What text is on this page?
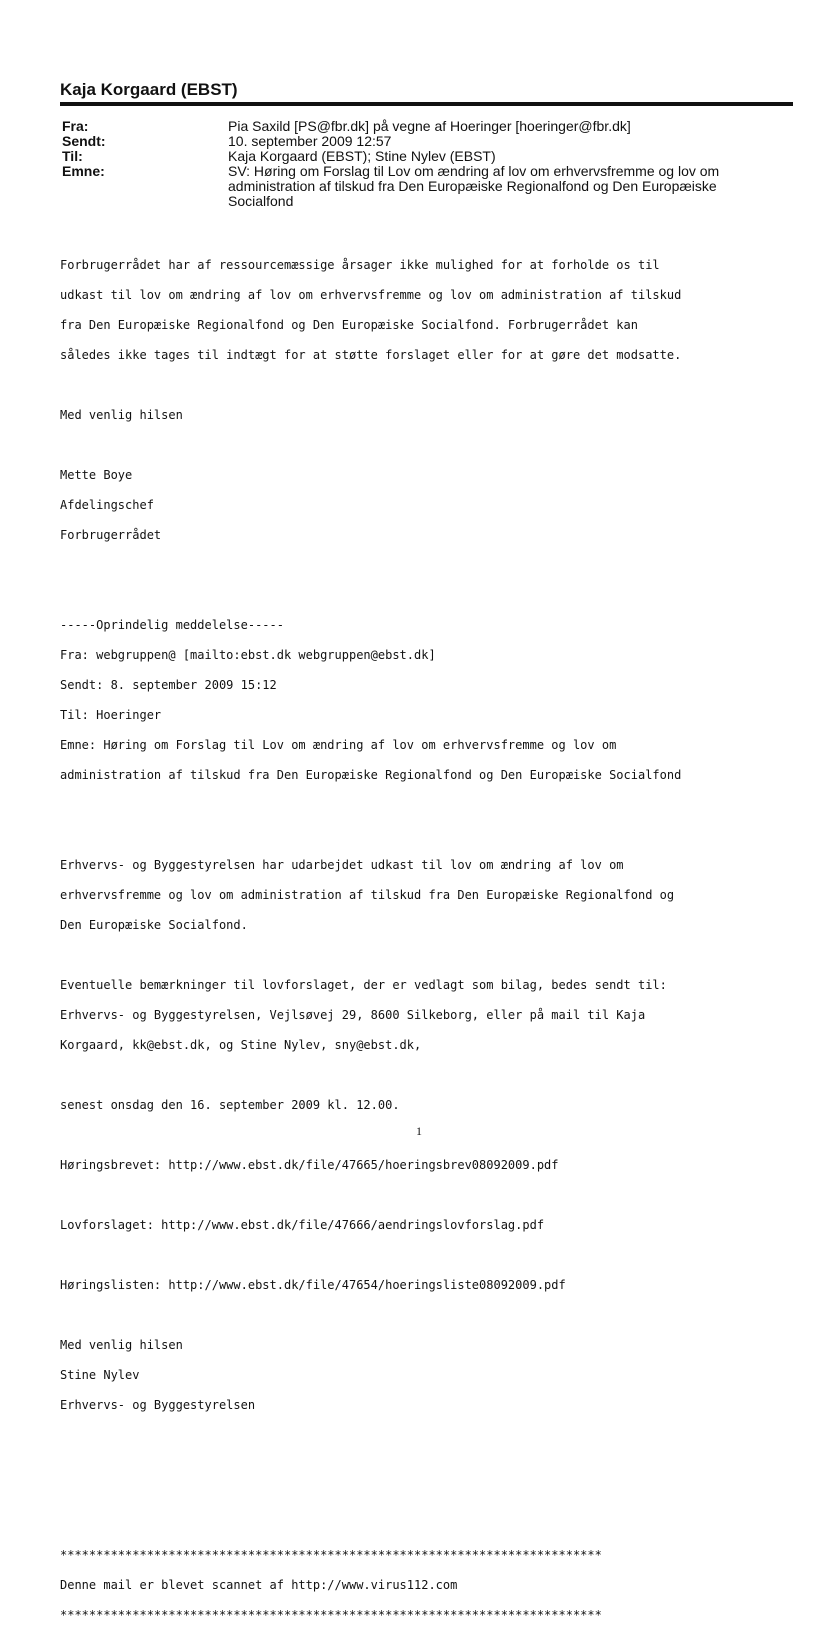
Kaja Korgaard (EBST)
Fra:	Pia Saxild [PS@fbr.dk] på vegne af Hoeringer [hoeringer@fbr.dk]
Sendt:	10. september 2009 12:57
Til:	Kaja Korgaard (EBST); Stine Nylev (EBST)
Emne:	SV: Høring om Forslag til Lov om ændring af lov om erhvervsfremme og lov om administration af tilskud fra Den Europæiske Regionalfond og Den Europæiske Socialfond

Forbrugerrådet har af ressourcemæssige årsager ikke mulighed for at forholde os til

udkast til lov om ændring af lov om erhvervsfremme og lov om administration af tilskud

fra Den Europæiske Regionalfond og Den Europæiske Socialfond. Forbrugerrådet kan

således ikke tages til indtægt for at støtte forslaget eller for at gøre det modsatte.

Med venlig hilsen

Mette Boye

Afdelingschef

Forbrugerrådet

-----Oprindelig meddelelse-----

Fra: webgruppen@ [mailto:ebst.dk webgruppen@ebst.dk]

Sendt: 8. september 2009 15:12

Til: Hoeringer

Emne: Høring om Forslag til Lov om ændring af lov om erhvervsfremme og lov om

administration af tilskud fra Den Europæiske Regionalfond og Den Europæiske Socialfond

Erhvervs- og Byggestyrelsen har udarbejdet udkast til lov om ændring af lov om

erhvervsfremme og lov om administration af tilskud fra Den Europæiske Regionalfond og

Den Europæiske Socialfond.

Eventuelle bemærkninger til lovforslaget, der er vedlagt som bilag, bedes sendt til:

Erhvervs- og Byggestyrelsen, Vejlsøvej 29, 8600 Silkeborg, eller på mail til Kaja

Korgaard, kk@ebst.dk, og Stine Nylev, sny@ebst.dk,

senest onsdag den 16. september 2009 kl. 12.00.

Høringsbrevet: http://www.ebst.dk/file/47665/hoeringsbrev08092009.pdf

Lovforslaget: http://www.ebst.dk/file/47666/aendringslovforslag.pdf

Høringslisten: http://www.ebst.dk/file/47654/hoeringsliste08092009.pdf

Med venlig hilsen

Stine Nylev

Erhvervs- og Byggestyrelsen

***************************************************************************

Denne mail er blevet scannet af http://www.virus112.com

***************************************************************************

1
